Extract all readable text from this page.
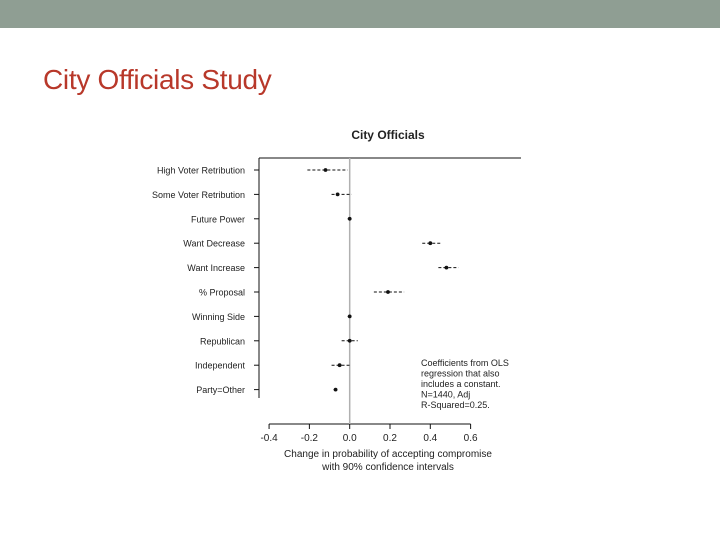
City Officials Study
City Officials
-0.4 -0.2 0.0	0.2	0.4	0.6
High Voter Retribution
Some Voter Retribution
Future Power
Want Decrease
Want Increase
% Proposal
Winning Side
Republican
Independent
Party=Other
Coefficients from OLS regression that also includes a constant. N=1440, Adj R-Squared=0.25.
Change in probability of accepting compromise
with 90% confidence intervals
